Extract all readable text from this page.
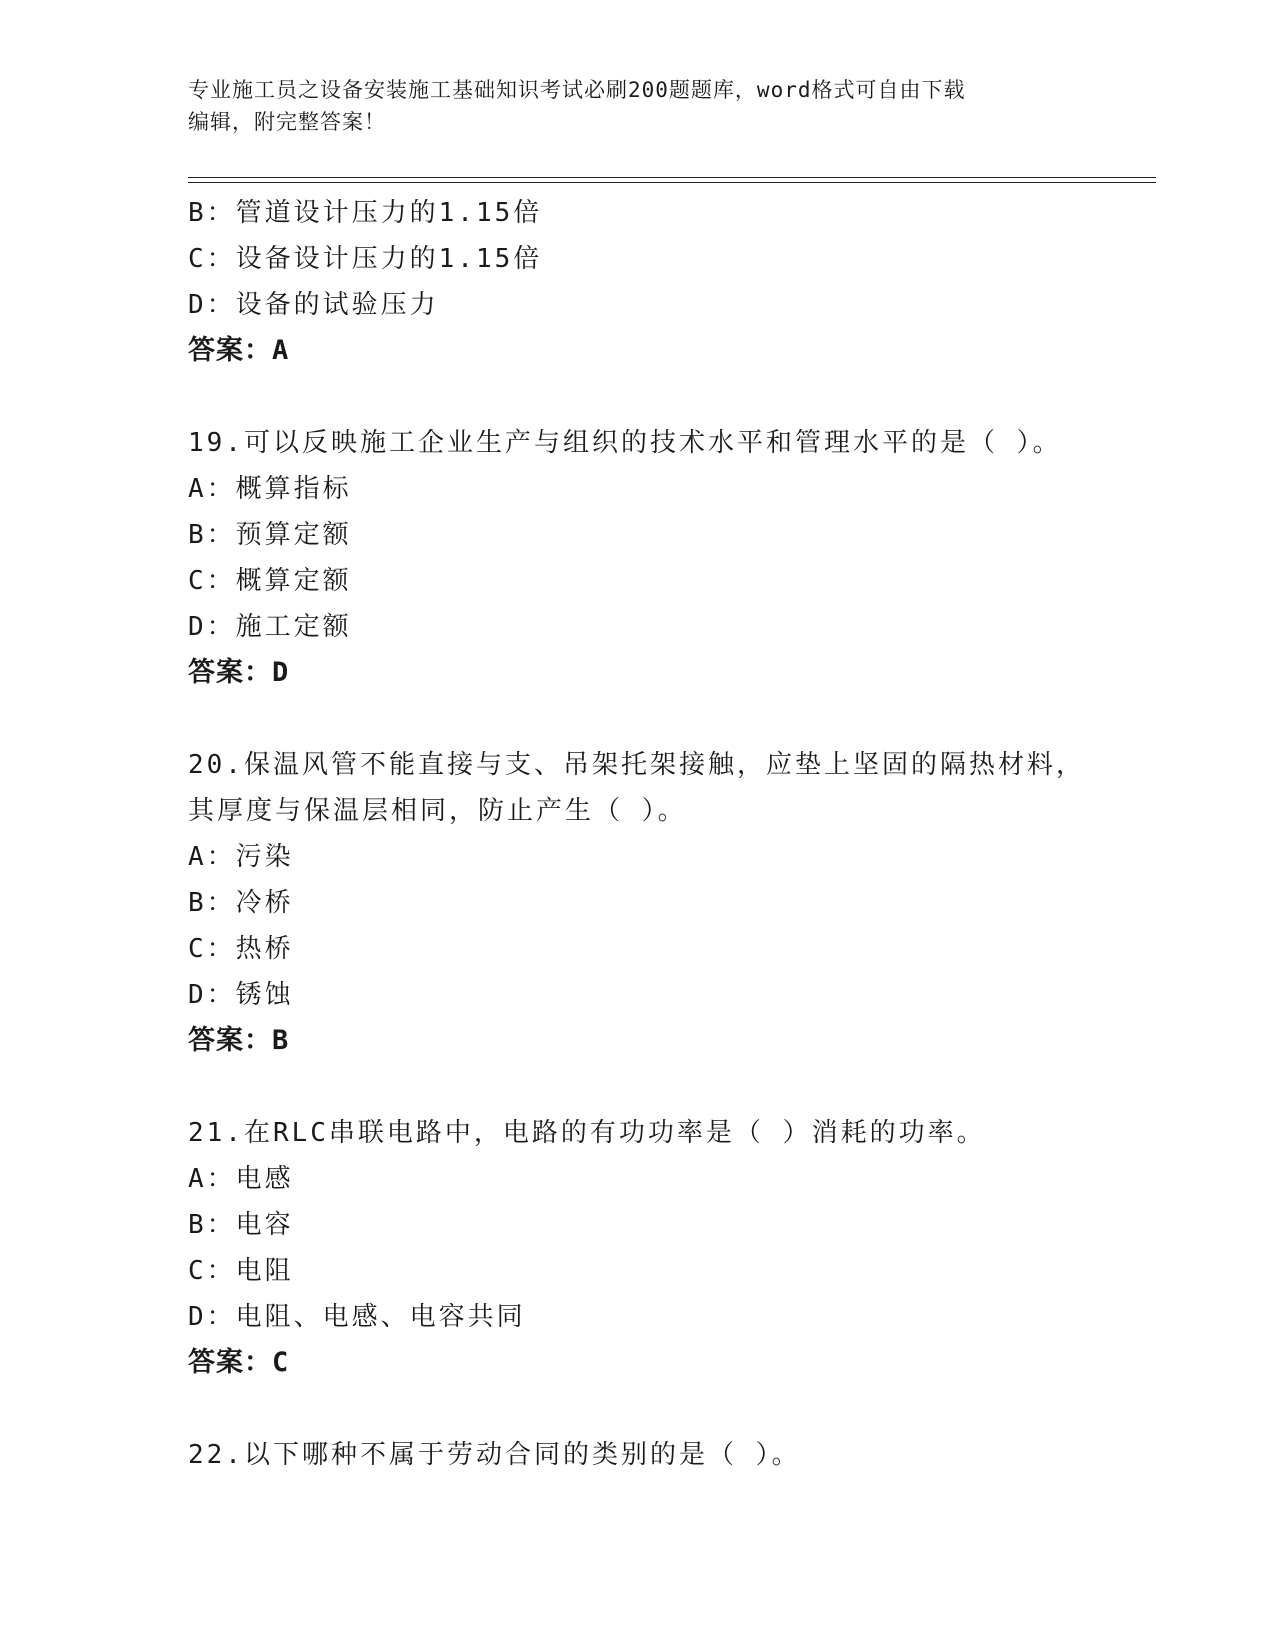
专业施工员之设备安装施工基础知识考试必刷200题题库，word格式可自由下载
编辑，附完整答案！
B：管道设计压力的1.15倍
C：设备设计压力的1.15倍
D：设备的试验压力
答案：A
19.可以反映施工企业生产与组织的技术水平和管理水平的是（ ）。
A：概算指标
B：预算定额
C：概算定额
D：施工定额
答案：D
20.保温风管不能直接与支、吊架托架接触，应垫上坚固的隔热材料，
其厚度与保温层相同，防止产生（ ）。
A：污染
B：冷桥
C：热桥
D：锈蚀
答案：B
21.在RLC串联电路中，电路的有功功率是（ ）消耗的功率。
A：电感
B：电容
C：电阻
D：电阻、电感、电容共同
答案：C
22.以下哪种不属于劳动合同的类别的是（ ）。
